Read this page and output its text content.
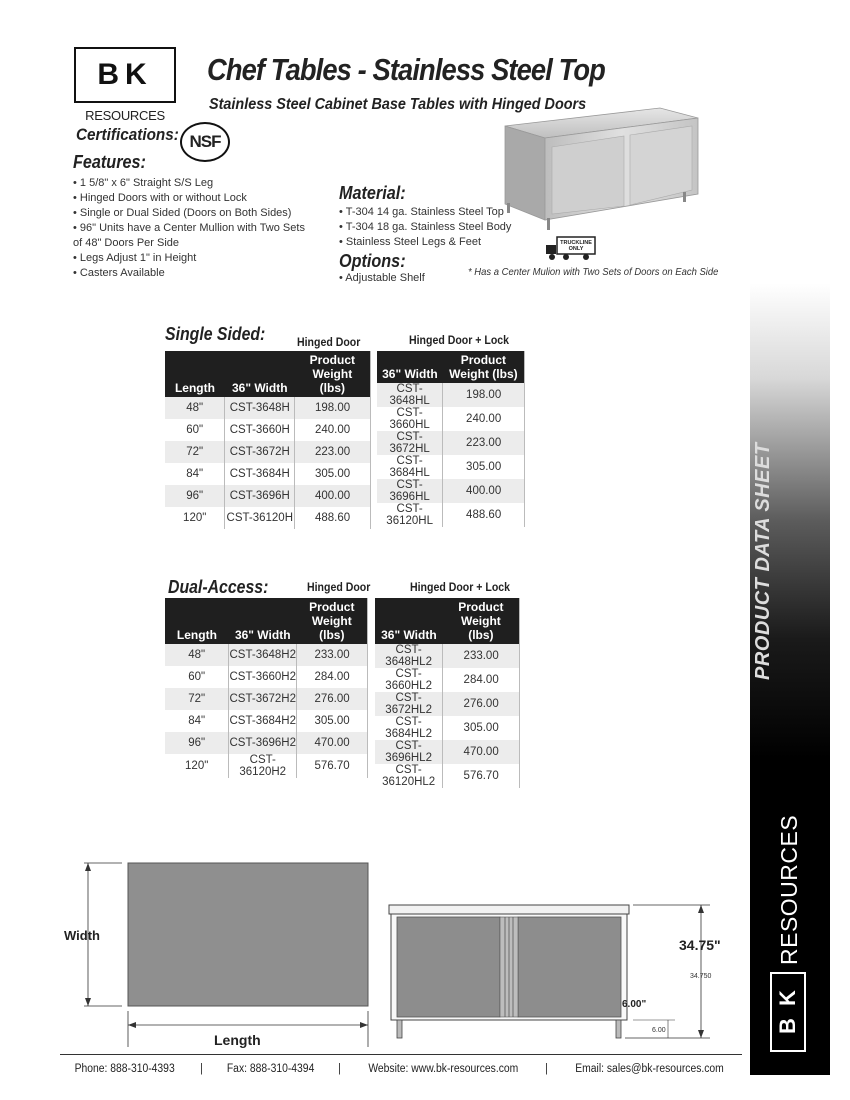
BK
RESOURCES
Chef Tables - Stainless Steel Top
Stainless Steel Cabinet Base Tables with Hinged Doors
Certifications: NSF
Features:
• 1 5/8" x 6" Straight S/S Leg
• Hinged Doors with or without Lock
• Single or Dual Sided (Doors on Both Sides)
• 96" Units have a Center Mullion with Two Sets
of 48" Doors Per Side
• Legs Adjust 1" in Height
• Casters Available
Material:
• T-304 14 ga. Stainless Steel Top
• T-304 18 ga. Stainless Steel Body
• Stainless Steel Legs & Feet
Options:
• Adjustable Shelf
TRUCKLINE
ONLY
* Has a Center Mulion with Two Sets of Doors on Each Side
Single Sided:	Hinged Door	Hinged Door + Lock
Length	36" Width	Product
Weight (lbs)
48"	CST-3648H	198.00
60"	CST-3660H	240.00
72"	CST-3672H	223.00
84"	CST-3684H	305.00
96"	CST-3696H	400.00
120"	CST-36120H	488.60
36" Width	Product
Weight (lbs)
CST-3648HL	198.00
CST-3660HL	240.00
CST-3672HL	223.00
CST-3684HL	305.00
CST-3696HL	400.00
CST-36120HL	488.60
Dual-Access:	Hinged Door	Hinged Door + Lock
Length	36" Width	Product
Weight (lbs)
48"	CST-3648H2	233.00
60"	CST-3660H2	284.00
72"	CST-3672H2	276.00
84"	CST-3684H2	305.00
96"	CST-3696H2	470.00
120"	CST-36120H2	576.70
36" Width	Product
Weight (lbs)
CST-3648HL2	233.00
CST-3660HL2	284.00
CST-3672HL2	276.00
CST-3684HL2	305.00
CST-3696HL2	470.00
CST-36120HL2	576.70
PRODUCT DATA SHEET
RESOURCES
K
B
Width
Length
34.75"
34.750
6.00"
6.00
Phone: 888-310-4393 | Fax: 888-310-4394 | Website: www.bk-resources.com | Email: sales@bk-resources.com
